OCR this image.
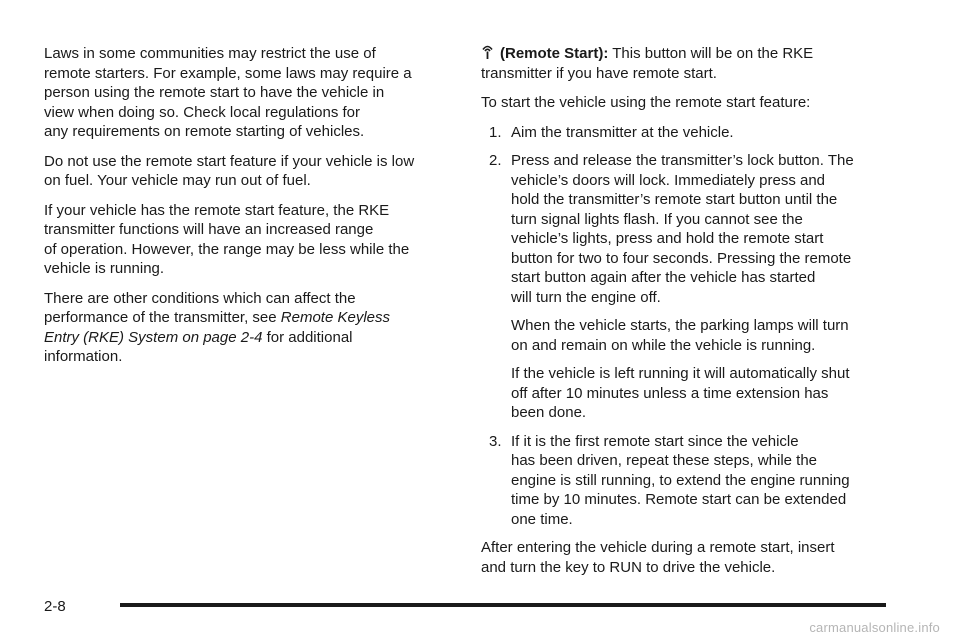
Laws in some communities may restrict the use of
remote starters. For example, some laws may require a
person using the remote start to have the vehicle in
view when doing so. Check local regulations for
any requirements on remote starting of vehicles.

Do not use the remote start feature if your vehicle is low
on fuel. Your vehicle may run out of fuel.

If your vehicle has the remote start feature, the RKE
transmitter functions will have an increased range
of operation. However, the range may be less while the
vehicle is running.

There are other conditions which can affect the
performance of the transmitter, see Remote Keyless
Entry (RKE) System on page 2-4 for additional
information.

(Remote Start): This button will be on the RKE
transmitter if you have remote start.

To start the vehicle using the remote start feature:

1. Aim the transmitter at the vehicle.
2. Press and release the transmitter’s lock button. The
vehicle’s doors will lock. Immediately press and
hold the transmitter’s remote start button until the
turn signal lights flash. If you cannot see the
vehicle’s lights, press and hold the remote start
button for two to four seconds. Pressing the remote
start button again after the vehicle has started
will turn the engine off.
When the vehicle starts, the parking lamps will turn
on and remain on while the vehicle is running.
If the vehicle is left running it will automatically shut
off after 10 minutes unless a time extension has
been done.
3. If it is the first remote start since the vehicle
has been driven, repeat these steps, while the
engine is still running, to extend the engine running
time by 10 minutes. Remote start can be extended
one time.

After entering the vehicle during a remote start, insert
and turn the key to RUN to drive the vehicle.

2-8
carmanualsonline.info
